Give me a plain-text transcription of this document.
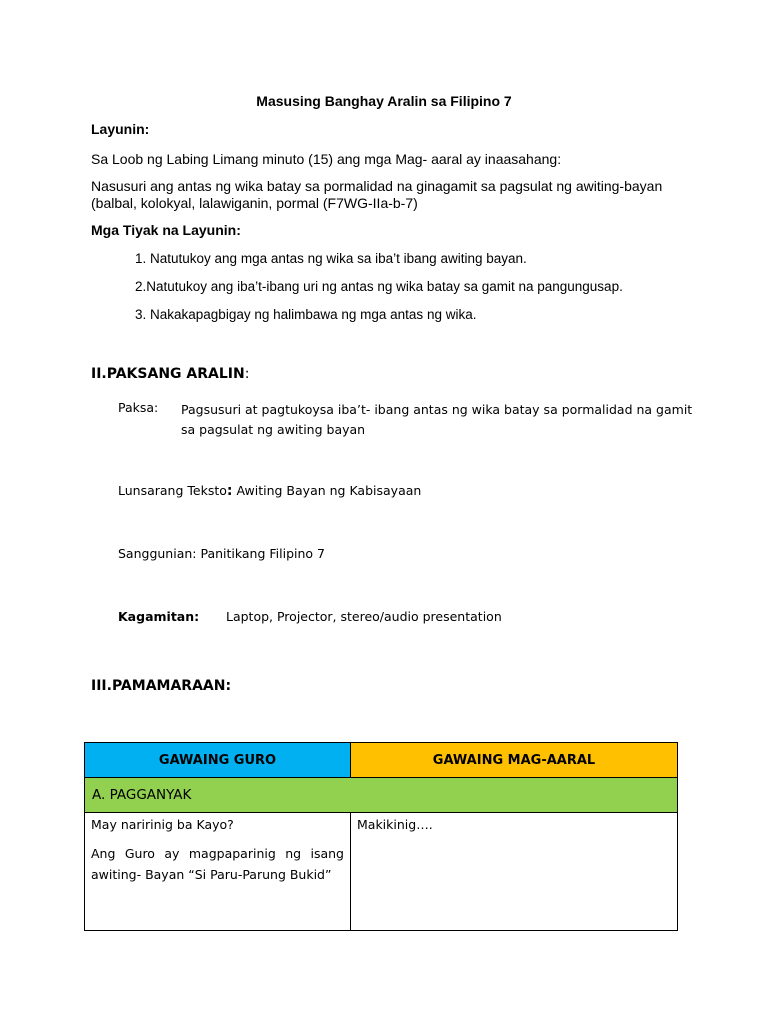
Masusing Banghay Aralin sa Filipino 7
Layunin:
Sa Loob ng Labing Limang minuto (15) ang mga Mag- aaral ay inaasahang:
Nasusuri ang antas ng wika batay sa pormalidad na ginagamit sa pagsulat ng awiting-bayan
(balbal, kolokyal, lalawiganin, pormal (F7WG-IIa-b-7)
Mga Tiyak na Layunin:
1. Natutukoy ang mga antas ng wika sa iba’t ibang awiting bayan.
2.Natutukoy ang iba’t-ibang uri ng antas ng wika batay sa gamit na pangungusap.
3. Nakakapagbigay ng halimbawa ng mga antas ng wika.
II.PAKSANG ARALIN:
Paksa: Pagsusuri at pagtukoysa iba’t- ibang antas ng wika batay sa pormalidad na gamit
sa pagsulat ng awiting bayan
Lunsarang Teksto: Awiting Bayan ng Kabisayaan
Sanggunian: Panitikang Filipino 7
Kagamitan: Laptop, Projector, stereo/audio presentation
III.PAMAMARAAN:
GAWAING GURO	GAWAING MAG-AARAL
A. PAGGANYAK	

May naririnig ba Kayo?

Ang Guro ay magpaparinig ng isang awiting- Bayan “Si Paru-Parung Bukid”	Makikinig….
